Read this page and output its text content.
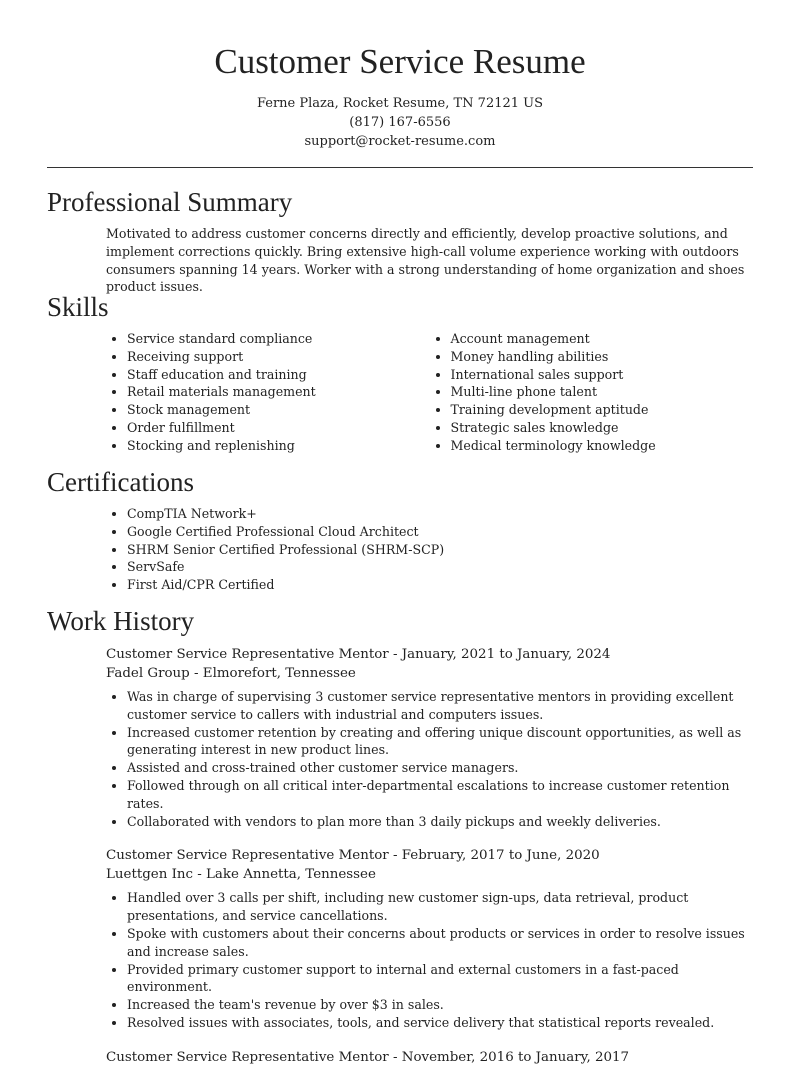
Customer Service Resume
Ferne Plaza, Rocket Resume, TN 72121 US
(817) 167-6556
support@rocket-resume.com
Professional Summary
Motivated to address customer concerns directly and efficiently, develop proactive solutions, and implement corrections quickly. Bring extensive high-call volume experience working with outdoors consumers spanning 14 years. Worker with a strong understanding of home organization and shoes product issues.
Skills
• Service standard compliance
• Receiving support
• Staff education and training
• Retail materials management
• Stock management
• Order fulfillment
• Stocking and replenishing
• Account management
• Money handling abilities
• International sales support
• Multi-line phone talent
• Training development aptitude
• Strategic sales knowledge
• Medical terminology knowledge
Certifications
• CompTIA Network+
• Google Certified Professional Cloud Architect
• SHRM Senior Certified Professional (SHRM-SCP)
• ServSafe
• First Aid/CPR Certified
Work History
Customer Service Representative Mentor - January, 2021 to January, 2024
Fadel Group - Elmorefort, Tennessee
• Was in charge of supervising 3 customer service representative mentors in providing excellent customer service to callers with industrial and computers issues.
• Increased customer retention by creating and offering unique discount opportunities, as well as generating interest in new product lines.
• Assisted and cross-trained other customer service managers.
• Followed through on all critical inter-departmental escalations to increase customer retention rates.
• Collaborated with vendors to plan more than 3 daily pickups and weekly deliveries.
Customer Service Representative Mentor - February, 2017 to June, 2020
Luettgen Inc - Lake Annetta, Tennessee
• Handled over 3 calls per shift, including new customer sign-ups, data retrieval, product presentations, and service cancellations.
• Spoke with customers about their concerns about products or services in order to resolve issues and increase sales.
• Provided primary customer support to internal and external customers in a fast-paced environment.
• Increased the team's revenue by over $3 in sales.
• Resolved issues with associates, tools, and service delivery that statistical reports revealed.
Customer Service Representative Mentor - November, 2016 to January, 2017
